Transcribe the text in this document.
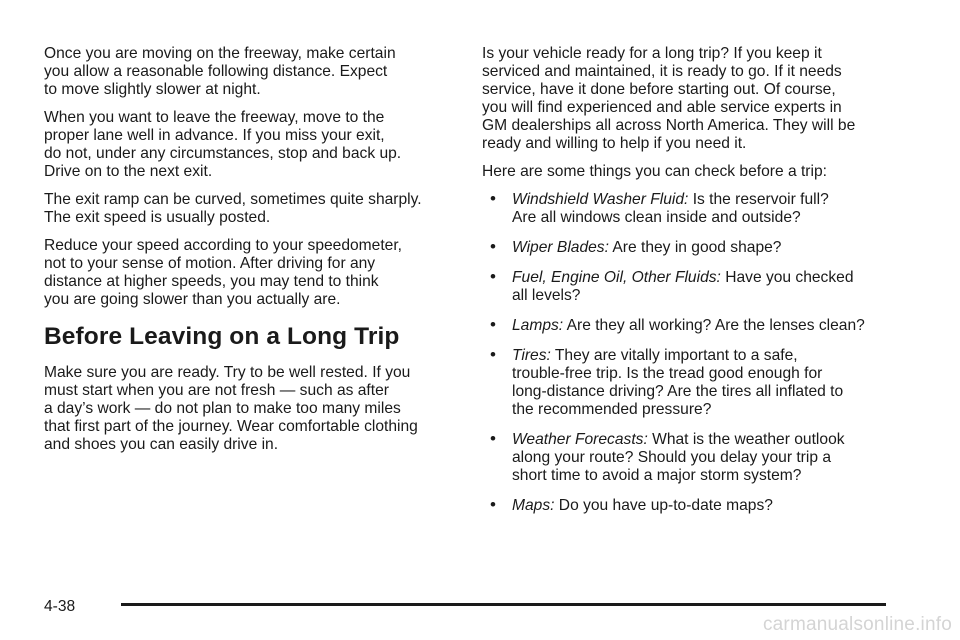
Once you are moving on the freeway, make certain
you allow a reasonable following distance. Expect
to move slightly slower at night.

When you want to leave the freeway, move to the
proper lane well in advance. If you miss your exit,
do not, under any circumstances, stop and back up.
Drive on to the next exit.

The exit ramp can be curved, sometimes quite sharply.
The exit speed is usually posted.

Reduce your speed according to your speedometer,
not to your sense of motion. After driving for any
distance at higher speeds, you may tend to think
you are going slower than you actually are.

Before Leaving on a Long Trip

Make sure you are ready. Try to be well rested. If you
must start when you are not fresh — such as after
a day’s work — do not plan to make too many miles
that first part of the journey. Wear comfortable clothing
and shoes you can easily drive in.

Is your vehicle ready for a long trip? If you keep it
serviced and maintained, it is ready to go. If it needs
service, have it done before starting out. Of course,
you will find experienced and able service experts in
GM dealerships all across North America. They will be
ready and willing to help if you need it.

Here are some things you can check before a trip:

• Windshield Washer Fluid: Is the reservoir full?
Are all windows clean inside and outside?
• Wiper Blades: Are they in good shape?
• Fuel, Engine Oil, Other Fluids: Have you checked
all levels?
• Lamps: Are they all working? Are the lenses clean?
• Tires: They are vitally important to a safe,
trouble-free trip. Is the tread good enough for
long-distance driving? Are the tires all inflated to
the recommended pressure?
• Weather Forecasts: What is the weather outlook
along your route? Should you delay your trip a
short time to avoid a major storm system?
• Maps: Do you have up-to-date maps?
4-38
carmanualsonline.info
